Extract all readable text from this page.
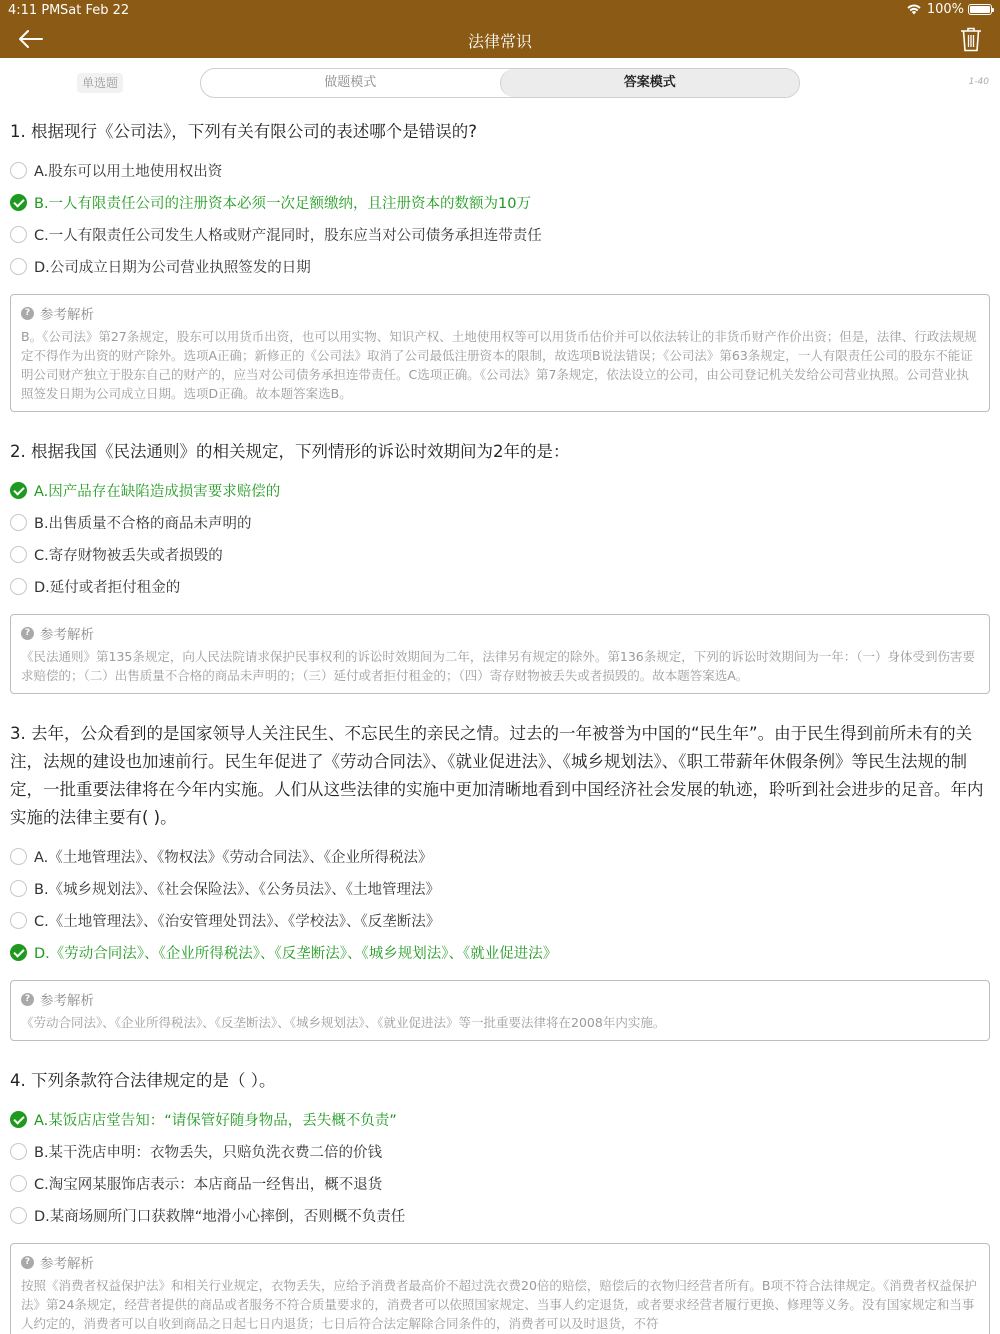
4:11 PM Sat Feb 22	100%
法律常识
单选题	做题模式	答案模式	1-40
1. 根据现行《公司法》，下列有关有限公司的表述哪个是错误的?
A.股东可以用土地使用权出资
B.一人有限责任公司的注册资本必须一次足额缴纳，且注册资本的数额为10万
C.一人有限责任公司发生人格或财产混同时，股东应当对公司债务承担连带责任
D.公司成立日期为公司营业执照签发的日期
? 参考解析
B。《公司法》第27条规定，股东可以用货币出资，也可以用实物、知识产权、土地使用权等可以用货币估价并可以依法转让的非货币财产作价出资；但是，法律、行政法规规定不得作为出资的财产除外。选项A正确；新修正的《公司法》取消了公司最低注册资本的限制，故选项B说法错误；《公司法》第63条规定，一人有限责任公司的股东不能证明公司财产独立于股东自己的财产的，应当对公司债务承担连带责任。C选项正确。《公司法》第7条规定，依法设立的公司，由公司登记机关发给公司营业执照。公司营业执照签发日期为公司成立日期。选项D正确。故本题答案选B。
2. 根据我国《民法通则》的相关规定，下列情形的诉讼时效期间为2年的是：
A.因产品存在缺陷造成损害要求赔偿的
B.出售质量不合格的商品未声明的
C.寄存财物被丢失或者损毁的
D.延付或者拒付租金的
? 参考解析
《民法通则》第135条规定，向人民法院请求保护民事权利的诉讼时效期间为二年，法律另有规定的除外。第136条规定，下列的诉讼时效期间为一年：（一）身体受到伤害要求赔偿的；（二）出售质量不合格的商品未声明的；（三）延付或者拒付租金的；（四）寄存财物被丢失或者损毁的。故本题答案选A。
3. 去年，公众看到的是国家领导人关注民生、不忘民生的亲民之情。过去的一年被誉为中国的“民生年”。由于民生得到前所未有的关注，法规的建设也加速前行。民生年促进了《劳动合同法》、《就业促进法》、《城乡规划法》、《职工带薪年休假条例》等民生法规的制定，一批重要法律将在今年内实施。人们从这些法律的实施中更加清晰地看到中国经济社会发展的轨迹，聆听到社会进步的足音。年内实施的法律主要有( )。
A.《土地管理法》、《物权法》《劳动合同法》、《企业所得税法》
B.《城乡规划法》、《社会保险法》、《公务员法》、《土地管理法》
C.《土地管理法》、《治安管理处罚法》、《学校法》、《反垄断法》
D.《劳动合同法》、《企业所得税法》、《反垄断法》、《城乡规划法》、《就业促进法》
? 参考解析
《劳动合同法》、《企业所得税法》、《反垄断法》、《城乡规划法》、《就业促进法》等一批重要法律将在2008年内实施。
4. 下列条款符合法律规定的是（ ）。
A.某饭店店堂告知：“请保管好随身物品，丢失概不负责”
B.某干洗店申明：衣物丢失，只赔负洗衣费二倍的价钱
C.淘宝网某服饰店表示：本店商品一经售出，概不退货
D.某商场厕所门口获救牌“地滑小心摔倒，否则概不负责任
? 参考解析
按照《消费者权益保护法》和相关行业规定，衣物丢失，应给予消费者最高价不超过洗衣费20倍的赔偿，赔偿后的衣物归经营者所有。B项不符合法律规定。《消费者权益保护法》第24条规定，经营者提供的商品或者服务不符合质量要求的，消费者可以依照国家规定、当事人约定退货，或者要求经营者履行更换、修理等义务。没有国家规定和当事人约定的，消费者可以自收到商品之日起七日内退货；七日后符合法定解除合同条件的，消费者可以及时退货，不符
